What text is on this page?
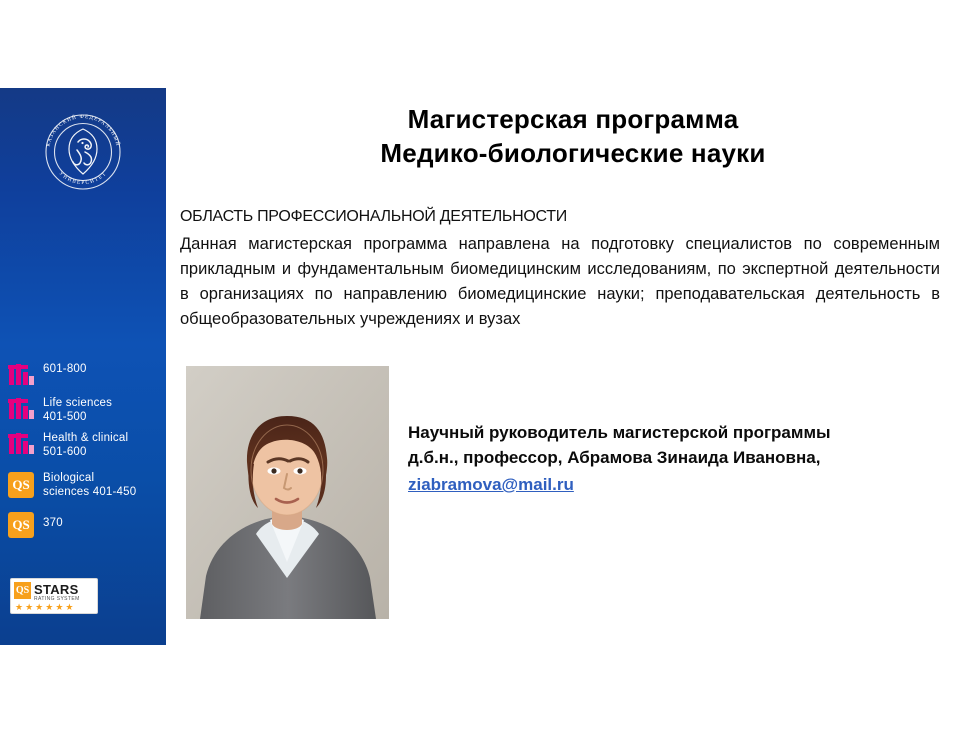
КАЗАНСКИЙ ФЕДЕРАЛЬНЫЙ
УНИВЕРСИТЕТ
601-800
Life sciences
401-500
Health & clinical
501-600
QS	Biological
sciences 401-450
QS	370
QS STARS
RATING SYSTEM
★ ★ ★ ★ ★ ★
Магистерская программа
Медико-биологические науки
ОБЛАСТЬ ПРОФЕССИОНАЛЬНОЙ ДЕЯТЕЛЬНОСТИ
Данная магистерская программа направлена на подготовку специалистов по современным прикладным и фундаментальным биомедицинским исследованиям, по экспертной деятельности в организациях по направлению биомедицинские науки; преподавательская деятельность в общеобразовательных учреждениях и вузах
Научный руководитель магистерской программы
д.б.н., профессор, Абрамова Зинаида Ивановна,
ziabramova@mail.ru
